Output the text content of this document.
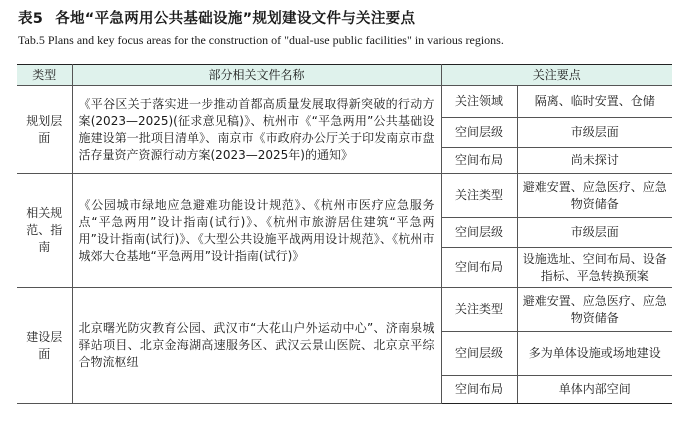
表5 各地“平急两用公共基础设施”规划建设文件与关注要点
Tab.5 Plans and key focus areas for the construction of "dual-use public facilities" in various regions.
类型	部分相关文件名称	关注要点	
规划层面	《平谷区关于落实进一步推动首都高质量发展取得新突破的行动方案(2023—2025)(征求意见稿)》、杭州市《“平急两用”公共基础设施建设第一批项目清单》、南京市《市政府办公厅关于印发南京市盘活存量资产资源行动方案(2023—2025年)的通知》	关注领域	隔离、临时安置、仓储
		空间层级	市级层面
		空间布局	尚未探讨
相关规范、指南	《公园城市绿地应急避难功能设计规范》、《杭州市医疗应急服务点“平急两用”设计指南(试行)》、《杭州市旅游居住建筑“平急两用”设计指南(试行)》、《大型公共设施平战两用设计规范》、《杭州市城郊大仓基地“平急两用”设计指南(试行)》	关注类型	避难安置、应急医疗、应急物资储备
		空间层级	市级层面
		空间布局	设施选址、空间布局、设备指标、平急转换预案
建设层面	北京曙光防灾教育公园、武汉市“大花山户外运动中心”、济南泉城驿站项目、北京金海湖高速服务区、武汉云景山医院、北京京平综合物流枢纽	关注类型	避难安置、应急医疗、应急物资储备
		空间层级	多为单体设施或场地建设
		空间布局	单体内部空间
